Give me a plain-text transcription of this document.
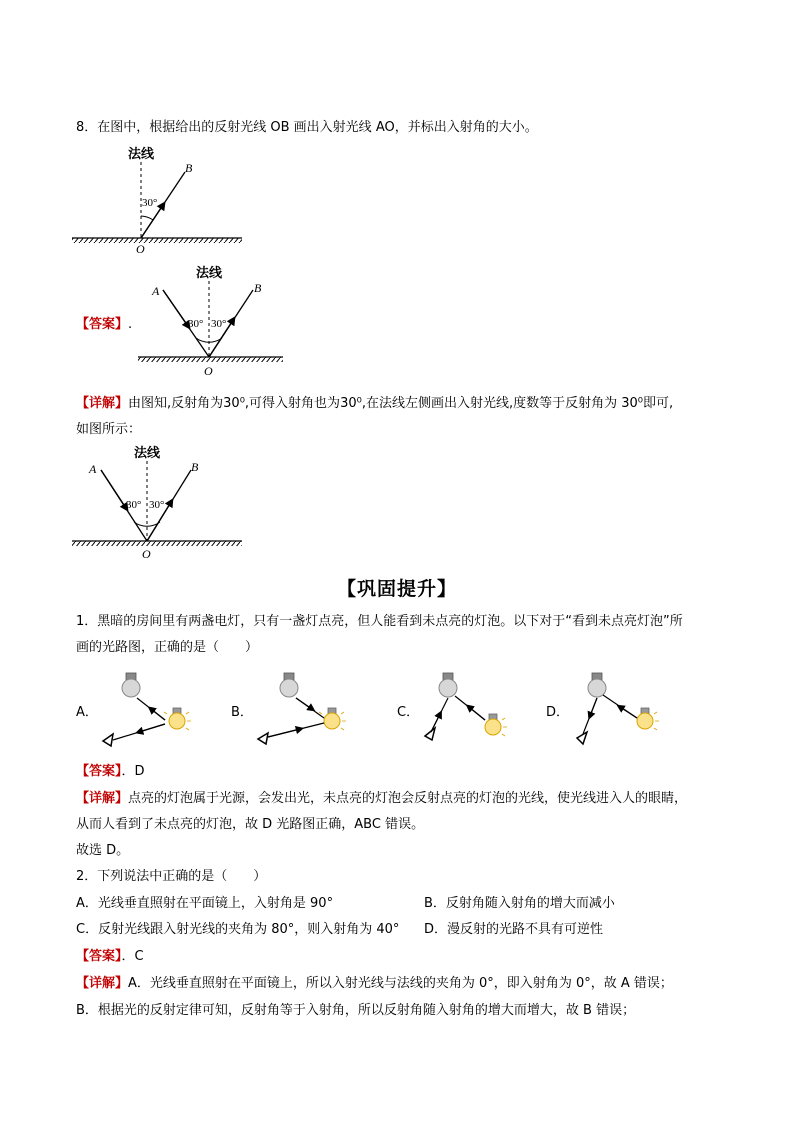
8．在图中，根据给出的反射光线 OB 画出入射光线 AO，并标出入射角的大小。
法线
30°
B
O
【答案】.
法线
A	B
30° 30°
O
【详解】由图知,反射角为30⁰,可得入射角也为30⁰,在法线左侧画出入射光线,度数等于反射角为 30⁰即可,
如图所示：
法线
A	B
30° 30°
O
【巩固提升】
1．黑暗的房间里有两盏电灯，只有一盏灯点亮，但人能看到未点亮的灯泡。以下对于“看到未点亮灯泡”所
画的光路图，正确的是（　　）
A．	B．	C．	D．
【答案】．D
【详解】点亮的灯泡属于光源，会发出光，未点亮的灯泡会反射点亮的灯泡的光线，使光线进入人的眼睛，
从而人看到了未点亮的灯泡，故 D 光路图正确，ABC 错误。
故选 D。
2．下列说法中正确的是（　　）
A．光线垂直照射在平面镜上，入射角是 90°	B．反射角随入射角的增大而减小
C．反射光线跟入射光线的夹角为 80°，则入射角为 40° D．漫反射的光路不具有可逆性
【答案】．C
【详解】A．光线垂直照射在平面镜上，所以入射光线与法线的夹角为 0°，即入射角为 0°，故 A 错误；
B．根据光的反射定律可知，反射角等于入射角，所以反射角随入射角的增大而增大，故 B 错误；
